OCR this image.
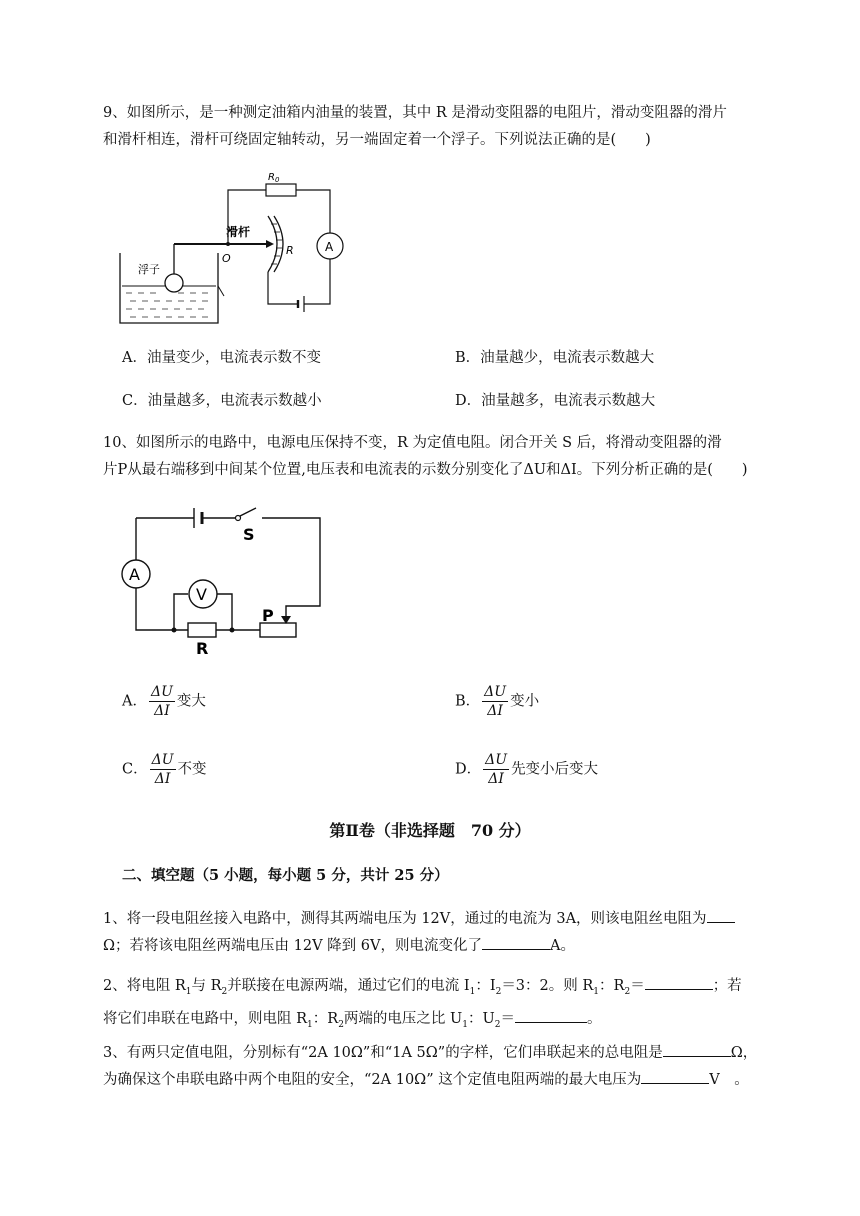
9、如图所示，是一种测定油箱内油量的装置，其中 R 是滑动变阻器的电阻片，滑动变阻器的滑片
和滑杆相连，滑杆可绕固定轴转动，另一端固定着一个浮子。下列说法正确的是(　　)
浮子
滑杆
O
R
$R_0$
A
A．油量变少，电流表示数不变	B．油量越少，电流表示数越大
C．油量越多，电流表示数越小	D．油量越多，电流表示数越大
10、如图所示的电路中，电源电压保持不变，R 为定值电阻。闭合开关 S 后，将滑动变阻器的滑
片P从最右端移到中间某个位置,电压表和电流表的示数分别变化了ΔU和ΔI。下列分析正确的是(　　)
S
A
R
V
P
A． $\frac{\Delta U}{\Delta I}$ 变大	B． $\frac{\Delta U}{\Delta I}$ 变小
C． $\frac{\Delta U}{\Delta I}$ 不变	D． $\frac{\Delta U}{\Delta I}$ 先变小后变大
第Ⅱ卷（非选择题　70 分）
二、填空题（5 小题，每小题 5 分，共计 25 分）
1、将一段电阻丝接入电路中，测得其两端电压为 12V，通过的电流为 3A，则该电阻丝电阻为
Ω；若将该电阻丝两端电压由 12V 降到 6V，则电流变化了	A。
2、将电阻 $R_1$与 $R_2$并联接在电源两端，通过它们的电流 $I_1$：$I_2=3$：2。则 $R_1$：$R_2=$	；若
将它们串联在电路中，则电阻 $R_1$：$R_2$两端的电压之比 $U_1$：$U_2=$	。
3、有两只定值电阻，分别标有“2A 10Ω”和“1A 5Ω”的字样，它们串联起来的总电阻是	Ω，
为确保这个串联电路中两个电阻的安全，“2A 10Ω” 这个定值电阻两端的最大电压为	V　。
